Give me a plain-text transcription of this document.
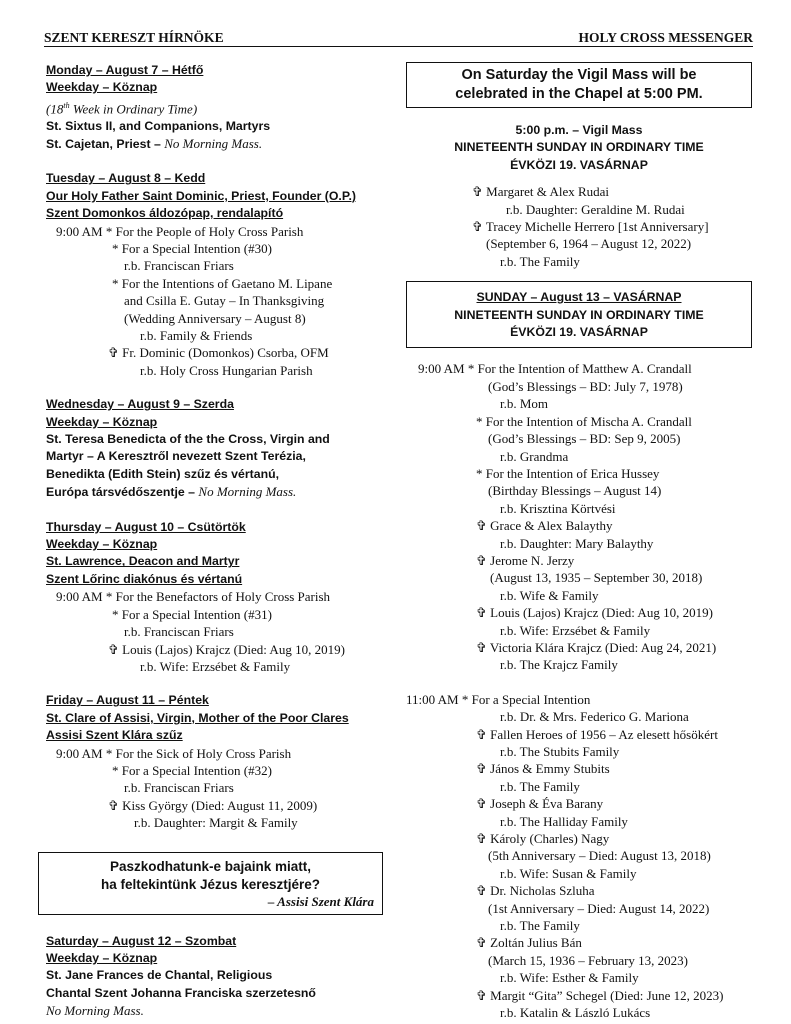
SZENT KERESZT HÍRNÖKE	HOLY CROSS MESSENGER
Monday – August 7 – Hétfő
Weekday – Köznap
(18th Week in Ordinary Time)
St. Sixtus II, and Companions, Martyrs
St. Cajetan, Priest – No Morning Mass.
Tuesday – August 8 – Kedd
Our Holy Father Saint Dominic, Priest, Founder (O.P.)
Szent Domonkos áldozópap, rendalapító
9:00 AM * For the People of Holy Cross Parish
* For a Special Intention (#30)
r.b. Franciscan Friars
* For the Intentions of Gaetano M. Lipane
and Csilla E. Gutay – In Thanksgiving
(Wedding Anniversary – August 8)
r.b. Family & Friends
✞ Fr. Dominic (Domonkos) Csorba, OFM
r.b. Holy Cross Hungarian Parish
Wednesday – August 9 – Szerda
Weekday – Köznap
St. Teresa Benedicta of the the Cross, Virgin and
Martyr – A Keresztről nevezett Szent Terézia,
Benedikta (Edith Stein) szűz és vértanú,
Európa társvédőszentje – No Morning Mass.
Thursday – August 10 – Csütörtök
Weekday – Köznap
St. Lawrence, Deacon and Martyr
Szent Lőrinc diakónus és vértanú
9:00 AM * For the Benefactors of Holy Cross Parish
* For a Special Intention (#31)
r.b. Franciscan Friars
✞ Louis (Lajos) Krajcz (Died: Aug 10, 2019)
r.b. Wife: Erzsébet & Family
Friday – August 11 – Péntek
St. Clare of Assisi, Virgin, Mother of the Poor Clares
Assisi Szent Klára szűz
9:00 AM * For the Sick of Holy Cross Parish
* For a Special Intention (#32)
r.b. Franciscan Friars
✞ Kiss György (Died: August 11, 2009)
r.b. Daughter: Margit & Family
Paszkodhatunk-e bajaink miatt,
ha feltekintünk Jézus keresztjére?
– Assisi Szent Klára
Saturday – August 12 – Szombat
Weekday – Köznap
St. Jane Frances de Chantal, Religious
Chantal Szent Johanna Franciska szerzetesnő
No Morning Mass.
On Saturday the Vigil Mass will be
celebrated in the Chapel at 5:00 PM.
5:00 p.m. – Vigil Mass
NINETEENTH SUNDAY IN ORDINARY TIME
ÉVKÖZI 19. VASÁRNAP
✞ Margaret & Alex Rudai
r.b. Daughter: Geraldine M. Rudai
✞ Tracey Michelle Herrero [1st Anniversary]
(September 6, 1964 – August 12, 2022)
r.b. The Family
SUNDAY – August 13 – VASÁRNAP
NINETEENTH SUNDAY IN ORDINARY TIME
ÉVKÖZI 19. VASÁRNAP
9:00 AM * For the Intention of Matthew A. Crandall
(God’s Blessings – BD: July 7, 1978)
r.b. Mom
* For the Intention of Mischa A. Crandall
(God’s Blessings – BD: Sep 9, 2005)
r.b. Grandma
* For the Intention of Erica Hussey
(Birthday Blessings – August 14)
r.b. Krisztina Körtvési
✞ Grace & Alex Balaythy
r.b. Daughter: Mary Balaythy
✞ Jerome N. Jerzy
(August 13, 1935 – September 30, 2018)
r.b. Wife & Family
✞ Louis (Lajos) Krajcz (Died: Aug 10, 2019)
r.b. Wife: Erzsébet & Family
✞ Victoria Klára Krajcz (Died: Aug 24, 2021)
r.b. The Krajcz Family
11:00 AM * For a Special Intention
r.b. Dr. & Mrs. Federico G. Mariona
✞ Fallen Heroes of 1956 – Az elesett hősökért
r.b. The Stubits Family
✞ János & Emmy Stubits
r.b. The Family
✞ Joseph & Éva Barany
r.b. The Halliday Family
✞ Károly (Charles) Nagy
(5th Anniversary – Died: August 13, 2018)
r.b. Wife: Susan & Family
✞ Dr. Nicholas Szluha
(1st Anniversary – Died: August 14, 2022)
r.b. The Family
✞ Zoltán Julius Bán
(March 15, 1936 – February 13, 2023)
r.b. Wife: Esther & Family
✞ Margit “Gita” Schegel (Died: June 12, 2023)
r.b. Katalin & László Lukács
